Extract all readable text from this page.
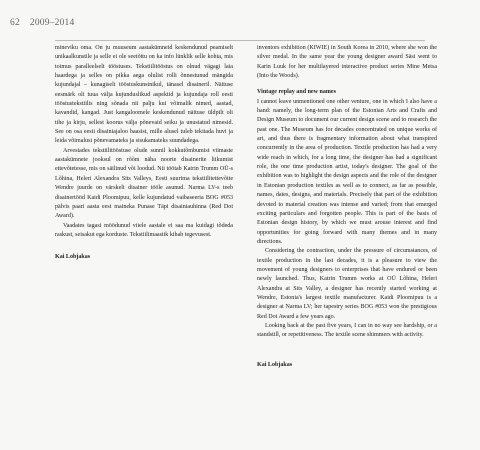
62 2009–2014

mineviku oma. On ju muuseum aastakümneid keskendunud peamiselt unikaalkunstile ja selle ei ole seetõttu on ka info lünklik selle kohta, mis toimus paralleelselt tööstuses. Tekstiilitööstus on olnud vägagi laia haardega ja selles on pikka aega olulist rolli õnnestunud mängida kujundajal – kunagiselt tööstuskunstnikul, tänasel disaineril. Näituse eesmärk oli tuua välja kujunduslikud aspektid ja kujundaja roll eesti tööstustekstiilis ning sõnada nii palju kui võimalik nimed, aastad, kavandid, kangad. Just kangaloomele keskendunud näituse üldpilt oli tihe ja kirju, sellest koorus välja põnevaid seiku ja unustatud nimesid. See on osa eesti disainiajaloo baasist, mille alusel tuleb tekitada huvi ja leida võimalusi põnevamateks ja sisukamateks suundadega.

Arvestades tekstiilitööstuse olude sunnil kokkutõmbumist viimaste aastakümnete jooksul on rõõm näha noorte disainerite liikumist ettevõtetesse, mis on säilinud või loodud. Nii töötab Katrin Trumm OÜ-s Lõhina, Heleri Alexandra Sits Valleys, Eesti suurima tekstiilitettevõtte Wendre juurde on värskelt disainer tööle asunud. Narma LV-s teeb disainertööd Kaidi Ploomipuu, kelle kujundatud vaibaseeria BOG #053 pälvis paari aasta eest maineka Punase Täpi disainiauhinna (Red Dot Award).

Vaadates tagasi möödunud viiele aastale ei saa ma kuidagi tõdeda raskust, seisakut ega korduste. Tekstiilimaastik kihab tegevusest.

Kai Lobjakas

inventors exhibition (KIWIE) in South Korea in 2010, where she won the silver medal. In the same year the young designer award Säsi went to Karin Luuk for her multilayered interactive product series Mine Metsa (Into the Woods).

Vintage replay and new names

I cannot leave unmentioned one other venture, one in which I also have a hand: namely, the long-term plan of the Estonian Arts and Crafts and Design Museum to document our current design scene and to research the past one. The Museum has for decades concentrated on unique works of art, and thus there is fragmentary information about what transpired concurrently in the area of production. Textile production has had a very wide reach in which, for a long time, the designer has had a significant role, the one time production artist, today's designer. The goal of the exhibition was to highlight the design aspects and the role of the designer in Estonian production textiles as well as to connect, as far as possible, names, dates, designs, and materials. Precisely that part of the exhibition devoted to material creation was intense and varied; from that emerged exciting particulars and forgotten people. This is part of the basis of Estonian design history, by which we must arouse interest and find opportunities for going forward with many themes and in many directions.

Considering the contraction, under the pressure of circumstances, of textile production in the last decades, it is a pleasure to view the movement of young designers to enterprises that have endured or been newly launched. Thus, Katrin Trumm works at OÜ Lõhina, Heleri Alexandra at Sits Valley, a designer has recently started working at Wendre, Estonia's largest textile manufacturer. Kaidi Ploomipuu is a designer at Narma LV; her tapestry series BOG #053 won the prestigious Red Dot Award a few years ago.

Looking back at the past five years, I can in no way see hardship, or a standstill, or repetitiveness. The textile scene shimmers with activity.

Kai Lobjakas
